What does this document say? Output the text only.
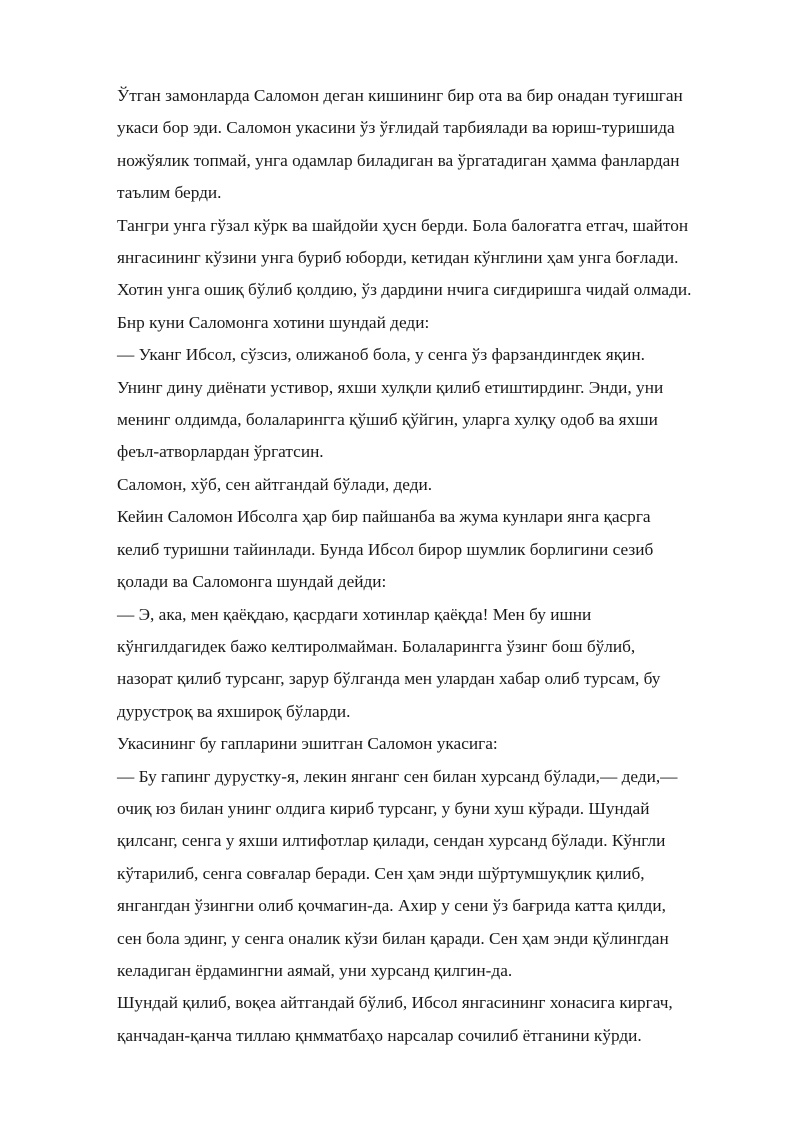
Ўтган замонларда Саломон деган кишининг бир ота ва бир онадан туғишган
укаси бор эди. Саломон укасини ўз ўғлидай тарбиялади ва юриш-туришида
ножўялик топмай, унга одамлар биладиган ва ўргатадиган ҳамма фанлардан
таълим берди.
Тангри унга гўзал кўрк ва шайдойи ҳусн берди. Бола балоғатга етгач, шайтон
янгасининг кўзини унга буриб юборди, кетидан кўнглини ҳам унга боғлади.
Хотин унга ошиқ бўлиб қолдию, ўз дардини нчига сиғдиришга чидай олмади.
Бнр куни Саломонга хотини шундай деди:
— Уканг Ибсол, сўзсиз, олижаноб бола, у сенга ўз фарзандингдек яқин.
Унинг дину диёнати устивор, яхши хулқли қилиб етиштирдинг. Энди, уни
менинг олдимда, болаларингга қўшиб қўйгин, уларга хулқу одоб ва яхши
феъл-атворлардан ўргатсин.
Саломон, хўб, сен айтгандай бўлади, деди.
Кейин Саломон Ибсолга ҳар бир пайшанба ва жума кунлари янга қасрга
келиб туришни тайинлади. Бунда Ибсол бирор шумлик борлигини сезиб
қолади ва Саломонга шундай дейди:
— Э, ака, мен қаёқдаю, қасрдаги хотинлар қаёқда! Мен бу ишни
кўнгилдагидек бажо келтиролмайман. Болаларингга ўзинг бош бўлиб,
назорат қилиб турсанг, зарур бўлганда мен улардан хабар олиб турсам, бу
дурустроқ ва яхшироқ бўларди.
Укасининг бу гапларини эшитган Саломон укасига:
— Бу гапинг дурустку-я, лекин янганг сен билан хурсанд бўлади,— деди,—
очиқ юз билан унинг олдига кириб турсанг, у буни хуш кўради. Шундай
қилсанг, сенга у яхши илтифотлар қилади, сендан хурсанд бўлади. Кўнгли
кўтарилиб, сенга совғалар беради. Сен ҳам энди шўртумшуқлик қилиб,
янгангдан ўзингни олиб қочмагин-да. Ахир у сени ўз бағрида катта қилди,
сен бола эдинг, у сенга оналик кўзи билан қаради. Сен ҳам энди қўлингдан
келадиган ёрдамингни аямай, уни хурсанд қилгин-да.
Шундай қилиб, воқеа айтгандай бўлиб, Ибсол янгасининг хонасига киргач,
қанчадан-қанча тиллаю қнмматбаҳо нарсалар сочилиб ётганини кўрди.
